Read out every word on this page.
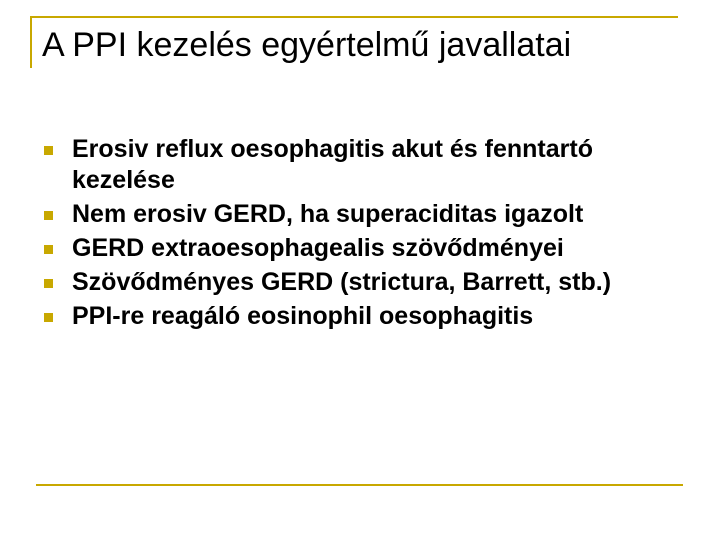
A PPI kezelés egyértelmű javallatai
Erosiv reflux oesophagitis akut és fenntartó kezelése
Nem erosiv GERD, ha superaciditas igazolt
GERD extraoesophagealis szövődményei
Szövődményes GERD (strictura, Barrett, stb.)
PPI-re reagáló eosinophil oesophagitis
